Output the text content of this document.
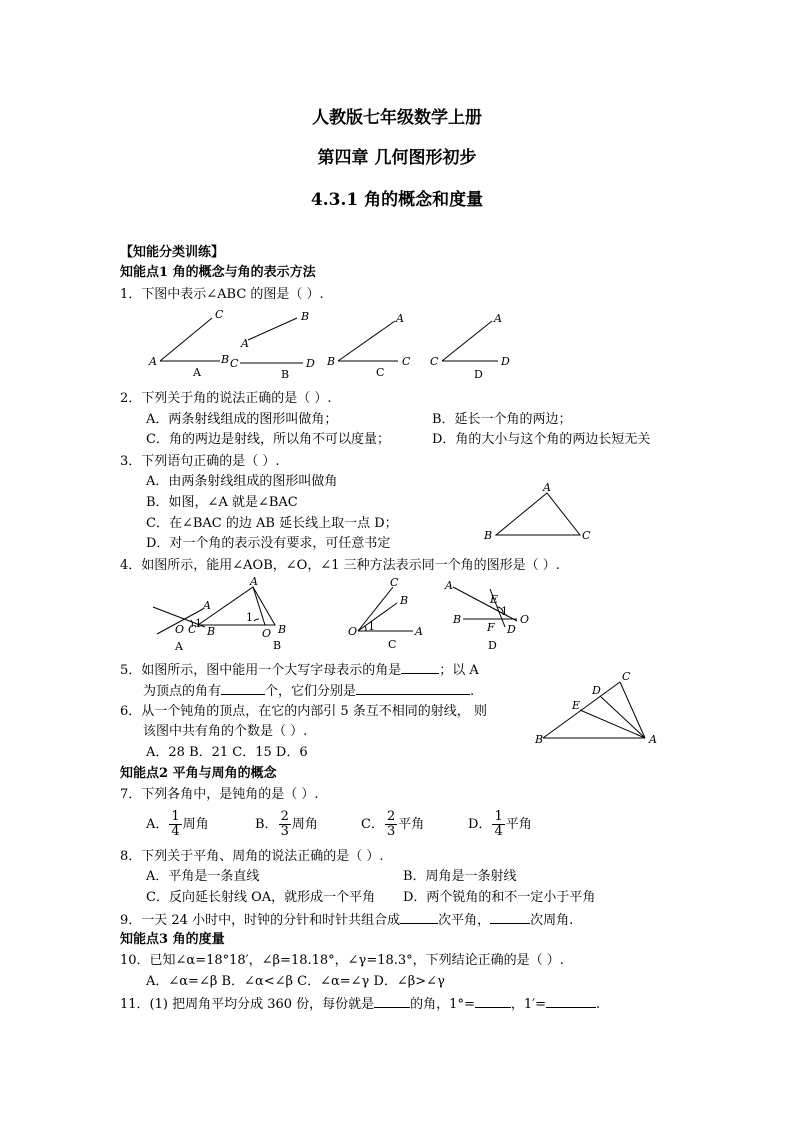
人教版七年级数学上册
第四章 几何图形初步
4.3.1 角的概念和度量
【知能分类训练】
知能点1 角的概念与角的表示方法
1．下图中表示∠ABC 的图是（ ）.
C
A	B
A
B
A
C	D
B
A
B	C
C
A
C	D
D
2．下列关于角的说法正确的是（ ）.
A．两条射线组成的图形叫做角；	B．延长一个角的两边；
C．角的两边是射线，所以角不可以度量；	D．角的大小与这个角的两边长短无关
3．下列语句正确的是（ ）.
A．由两条射线组成的图形叫做角
B．如图，∠A 就是∠BAC
C．在∠BAC 的边 AB 延长线上取一点 D；
D．对一个角的表示没有要求，可任意书定
A
B	C
4．如图所示，能用∠AOB，∠O，∠1 三种方法表示同一个角的图形是（ ）.
A
O 1
B
A
A
C	O
1
B
B
C
B
O 1	A
C
A
E
B
F
1
D
O
D
5．如图所示，图中能用一个大写字母表示的角是	；以 A
为顶点的角有	个，它们分别是	.
6．从一个钝角的顶点，在它的内部引 5 条互不相同的射线， 则
该图中共有角的个数是（ ）.
A．28 B．21 C．15 D．6
C
D
E
B	A
知能点2 平角与周角的概念
7．下列各角中，是钝角的是（ ）.
A． $\frac{1}{4}$ 周角	B． $\frac{2}{3}$ 周角	C． $\frac{2}{3}$ 平角	D． $\frac{1}{4}$ 平角
8．下列关于平角、周角的说法正确的是（ ）.
A．平角是一条直线	B．周角是一条射线
C．反向延长射线 OA，就形成一个平角 D．两个锐角的和不一定小于平角
9．一天 24 小时中，时钟的分针和时针共组合成	次平角，	次周角.
知能点3 角的度量
10．已知∠α=18°18′，∠β=18.18°，∠γ=18.3°，下列结论正确的是（ ）.
A．∠α=∠β B．∠α<∠β C．∠α=∠γ D．∠β>∠γ
11．(1) 把周角平均分成 360 份，每份就是	的角，1°=	，1′=	.
